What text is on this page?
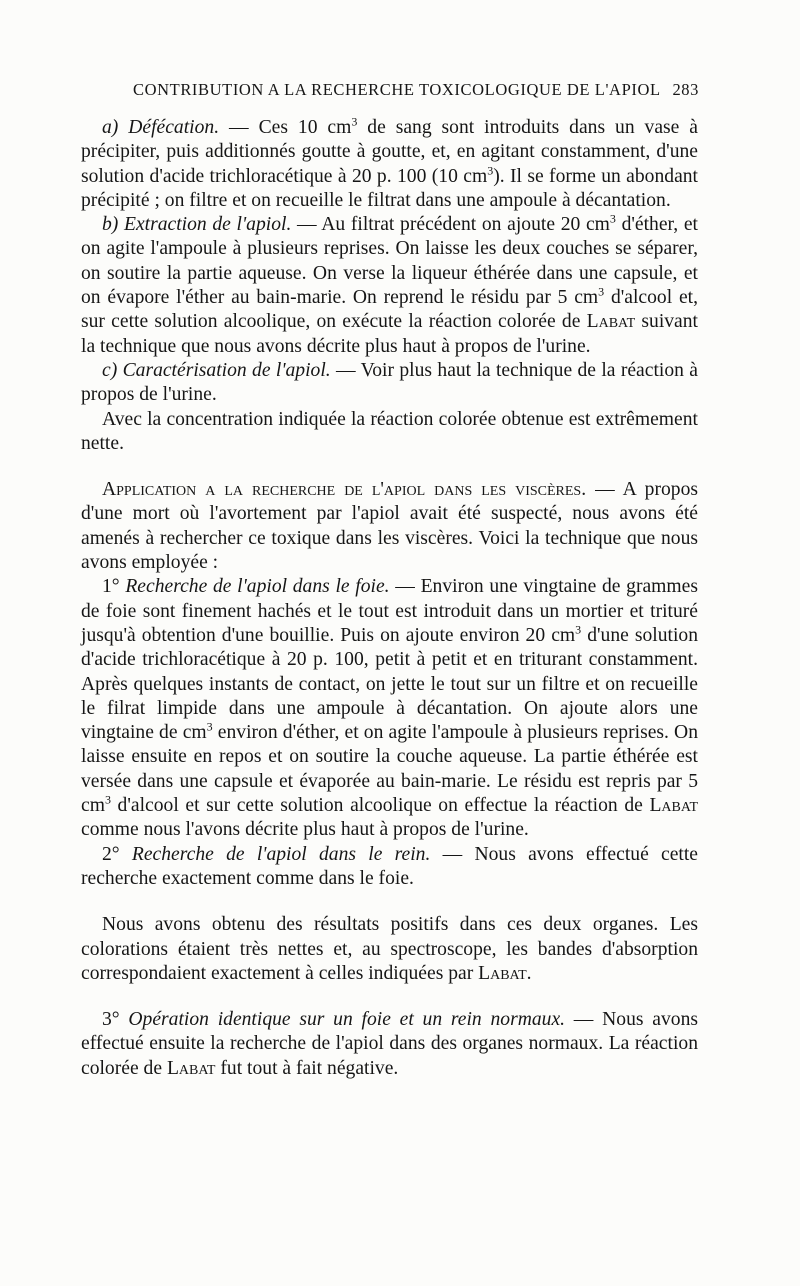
CONTRIBUTION A LA RECHERCHE TOXICOLOGIQUE DE L'APIOL 283

a) Défécation. — Ces 10 $cm^3$ de sang sont introduits dans un vase à précipiter, puis additionnés goutte à goutte, et, en agitant constamment, d'une solution d'acide trichloracétique à 20 p. 100 (10 $cm^3$). Il se forme un abondant précipité ; on filtre et on recueille le filtrat dans une ampoule à décantation.

b) Extraction de l'apiol. — Au filtrat précédent on ajoute 20 $cm^3$ d'éther, et on agite l'ampoule à plusieurs reprises. On laisse les deux couches se séparer, on soutire la partie aqueuse. On verse la liqueur éthérée dans une capsule, et on évapore l'éther au bain-marie. On reprend le résidu par 5 $cm^3$ d'alcool et, sur cette solution alcoolique, on exécute la réaction colorée de Labat suivant la technique que nous avons décrite plus haut à propos de l'urine.

c) Caractérisation de l'apiol. — Voir plus haut la technique de la réaction à propos de l'urine.

Avec la concentration indiquée la réaction colorée obtenue est extrêmement nette.

Application a la recherche de l'apiol dans les viscères. — A propos d'une mort où l'avortement par l'apiol avait été suspecté, nous avons été amenés à rechercher ce toxique dans les viscères. Voici la technique que nous avons employée :

1° Recherche de l'apiol dans le foie. — Environ une vingtaine de grammes de foie sont finement hachés et le tout est introduit dans un mortier et trituré jusqu'à obtention d'une bouillie. Puis on ajoute environ 20 $cm^3$ d'une solution d'acide trichloracétique à 20 p. 100, petit à petit et en triturant constamment. Après quelques instants de contact, on jette le tout sur un filtre et on recueille le filrat limpide dans une ampoule à décantation. On ajoute alors une vingtaine de $cm^3$ environ d'éther, et on agite l'ampoule à plusieurs reprises. On laisse ensuite en repos et on soutire la couche aqueuse. La partie éthérée est versée dans une capsule et évaporée au bain-marie. Le résidu est repris par 5 $cm^3$ d'alcool et sur cette solution alcoolique on effectue la réaction de Labat comme nous l'avons décrite plus haut à propos de l'urine.

2° Recherche de l'apiol dans le rein. — Nous avons effectué cette recherche exactement comme dans le foie.

Nous avons obtenu des résultats positifs dans ces deux organes. Les colorations étaient très nettes et, au spectroscope, les bandes d'absorption correspondaient exactement à celles indiquées par Labat.

3° Opération identique sur un foie et un rein normaux. — Nous avons effectué ensuite la recherche de l'apiol dans des organes normaux. La réaction colorée de Labat fut tout à fait négative.
